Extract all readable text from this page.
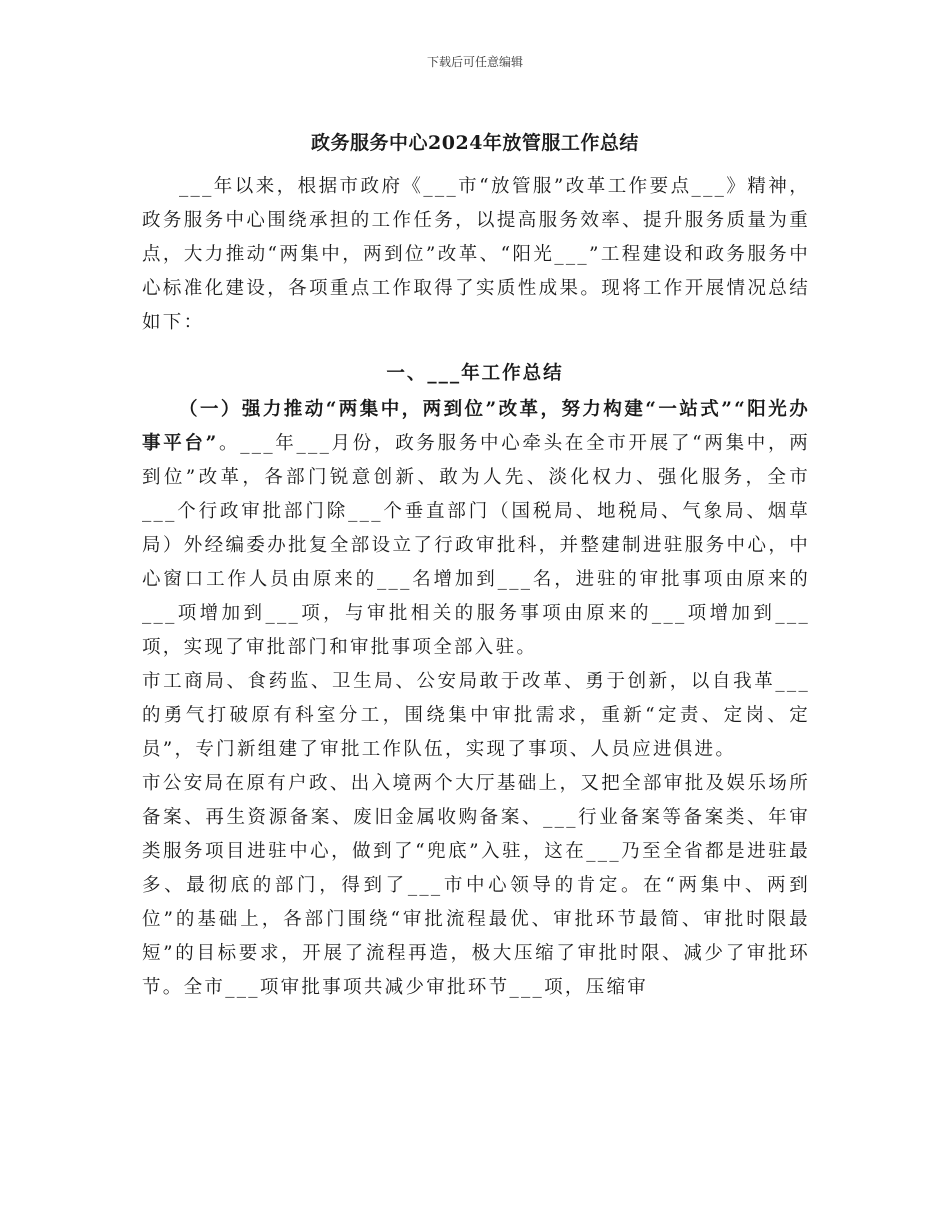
下载后可任意编辑
政务服务中心2024年放管服工作总结

___年以来，根据市政府《___市“放管服”改革工作要点___》精神，政务服务中心围绕承担的工作任务，以提高服务效率、提升服务质量为重点，大力推动“两集中，两到位”改革、“阳光___”工程建设和政务服务中心标准化建设，各项重点工作取得了实质性成果。现将工作开展情况总结如下：

一、___年工作总结

（一）强力推动“两集中，两到位”改革，努力构建“一站式”“阳光办事平台”。___年___月份，政务服务中心牵头在全市开展了“两集中，两到位”改革，各部门锐意创新、敢为人先、淡化权力、强化服务，全市___个行政审批部门除___个垂直部门（国税局、地税局、气象局、烟草局）外经编委办批复全部设立了行政审批科，并整建制进驻服务中心，中心窗口工作人员由原来的___名增加到___名，进驻的审批事项由原来的___项增加到___项，与审批相关的服务事项由原来的___项增加到___项，实现了审批部门和审批事项全部入驻。
市工商局、食药监、卫生局、公安局敢于改革、勇于创新，以自我革___的勇气打破原有科室分工，围绕集中审批需求，重新“定责、定岗、定员”，专门新组建了审批工作队伍，实现了事项、人员应进俱进。
市公安局在原有户政、出入境两个大厅基础上，又把全部审批及娱乐场所备案、再生资源备案、废旧金属收购备案、___行业备案等备案类、年审类服务项目进驻中心，做到了“兜底”入驻，这在___乃至全省都是进驻最多、最彻底的部门，得到了___市中心领导的肯定。在“两集中、两到位”的基础上，各部门围绕“审批流程最优、审批环节最简、审批时限最短”的目标要求，开展了流程再造，极大压缩了审批时限、减少了审批环节。全市___项审批事项共减少审批环节___项，压缩审
